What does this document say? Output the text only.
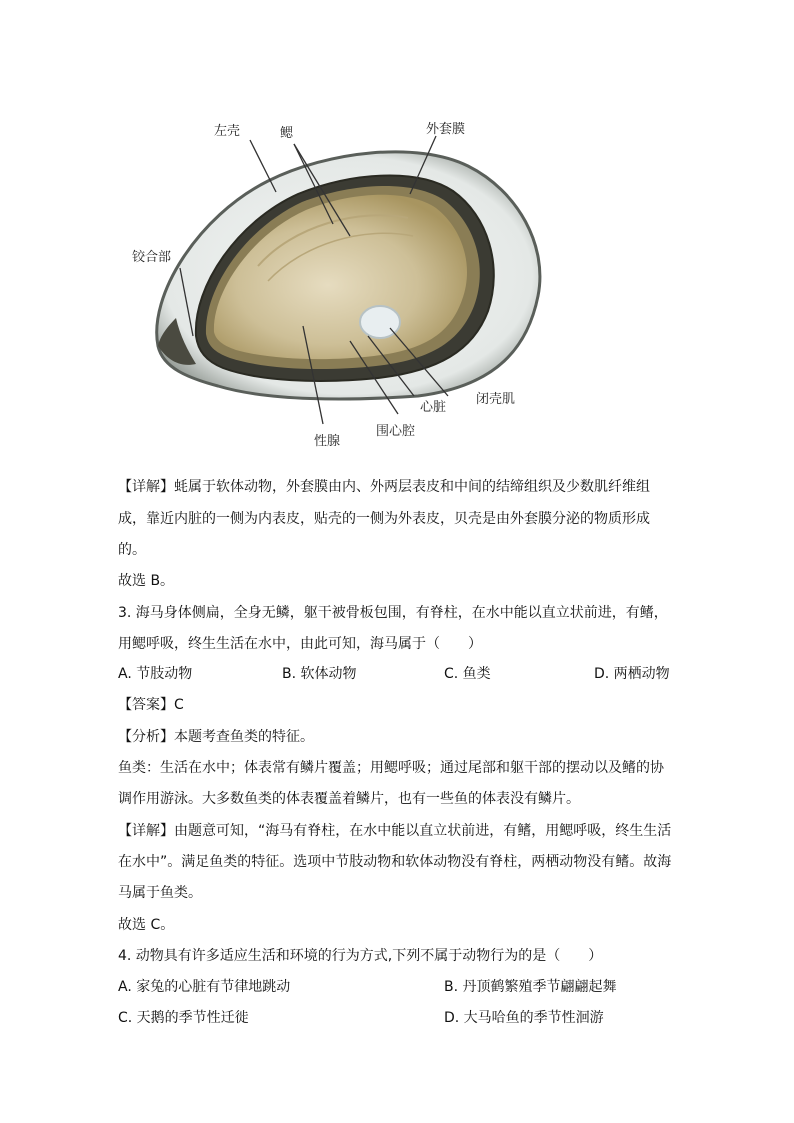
左壳	鳃	外套膜
铰合部
闭壳肌
心脏
围心腔
性腺
【详解】蚝属于软体动物，外套膜由内、外两层表皮和中间的结缔组织及少数肌纤维组
成，靠近内脏的一侧为内表皮，贴壳的一侧为外表皮，贝壳是由外套膜分泌的物质形成
的。
故选 B。
3. 海马身体侧扁，全身无鳞，躯干被骨板包围，有脊柱，在水中能以直立状前进，有鳍，
用鳃呼吸，终生生活在水中，由此可知，海马属于（　　）
A. 节肢动物	B. 软体动物	C. 鱼类	D. 两栖动物
【答案】C
【分析】本题考查鱼类的特征。
鱼类：生活在水中；体表常有鳞片覆盖；用鳃呼吸；通过尾部和躯干部的摆动以及鳍的协
调作用游泳。大多数鱼类的体表覆盖着鳞片，也有一些鱼的体表没有鳞片。
【详解】由题意可知，“海马有脊柱，在水中能以直立状前进，有鳍，用鳃呼吸，终生生活
在水中”。满足鱼类的特征。选项中节肢动物和软体动物没有脊柱，两栖动物没有鳍。故海
马属于鱼类。
故选 C。
4. 动物具有许多适应生活和环境的行为方式,下列不属于动物行为的是（　　）
A. 家兔的心脏有节律地跳动	B. 丹顶鹤繁殖季节翩翩起舞
C. 天鹅的季节性迁徙	D. 大马哈鱼的季节性洄游
